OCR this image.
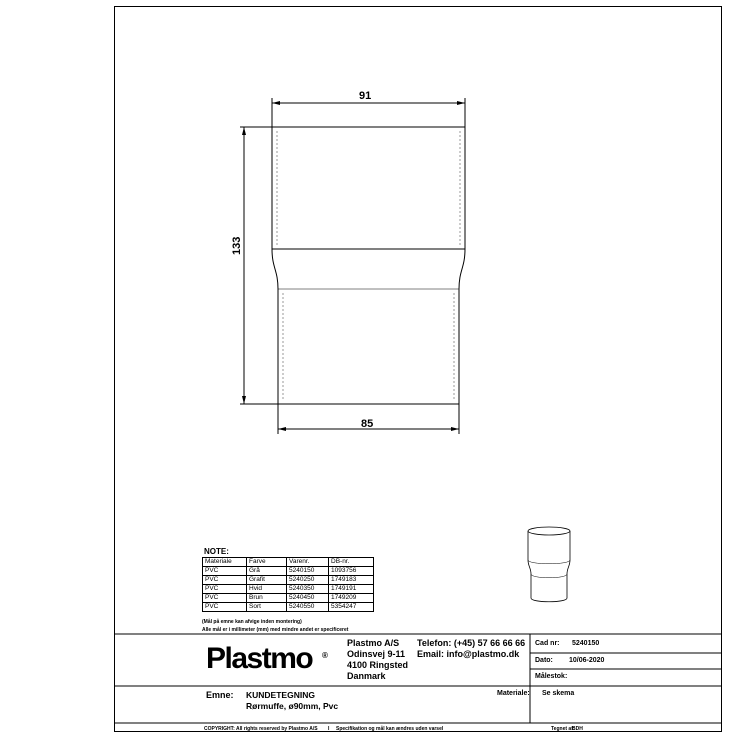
91
133
85
NOTE:
Materiale	Farve	Varenr.	DB-nr.
PVC	Grå	5240150	1093756
PVC	Grafit	5240250	1749183
PVC	Hvid	5240350	1749191
PVC	Brun	5240450	1749209
PVC	Sort	5240550	5354247
(Mål på emne kan afvige inden montering)
Alle mål er i millimeter (mm) med mindre andet er specificeret
Plastmo ®
Plastmo A/S
Odinsvej 9-11
4100 Ringsted
Danmark
Telefon: (+45) 57 66 66 66
Email: info@plastmo.dk
Cad nr: 5240150
Dato: 10/06-2020
Målestok:
Materiale: Se skema
Emne: KUNDETEGNING
Rørmuffe, ø90mm, Pvc
COPYRIGHT: All rights reserved by Plastmo A/S I Specifikation og mål kan ændres uden varsel	Tegnet af:
BDH
